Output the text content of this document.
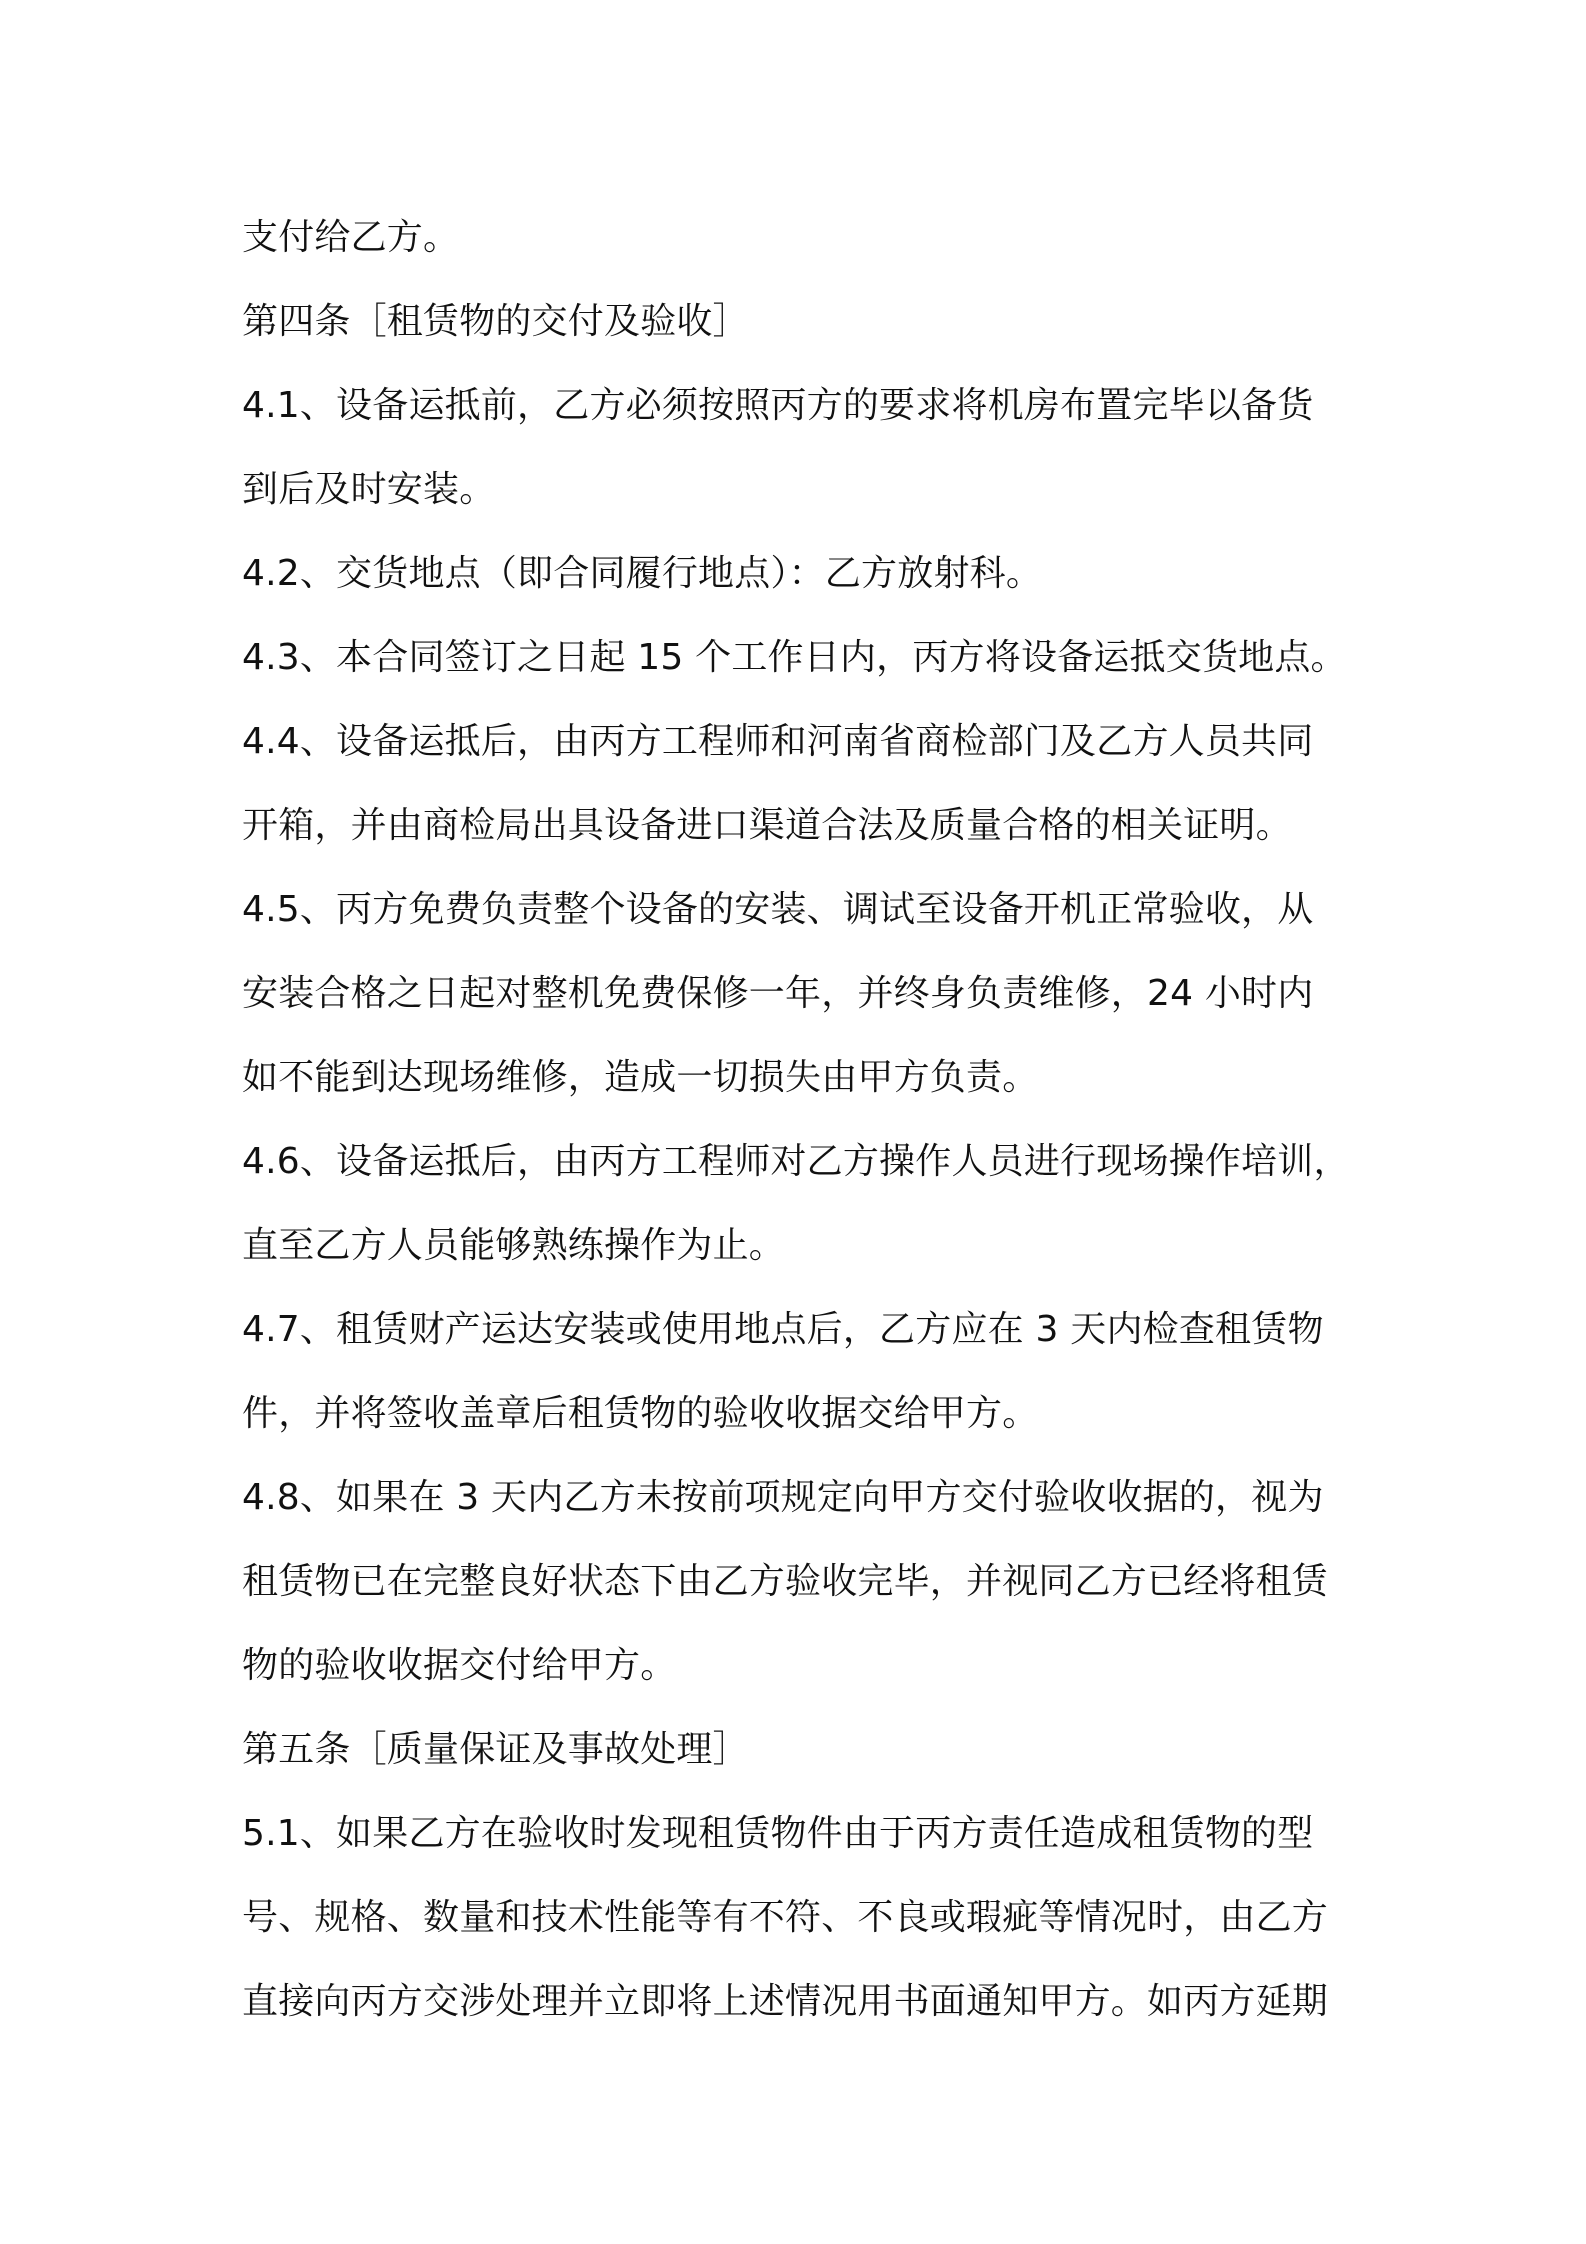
支付给乙方。
第四条［租赁物的交付及验收］
4.1、设备运抵前，乙方必须按照丙方的要求将机房布置完毕以备货
到后及时安装。
4.2、交货地点（即合同履行地点）：乙方放射科。
4.3、本合同签订之日起 15 个工作日内，丙方将设备运抵交货地点。
4.4、设备运抵后，由丙方工程师和河南省商检部门及乙方人员共同
开箱，并由商检局出具设备进口渠道合法及质量合格的相关证明。
4.5、丙方免费负责整个设备的安装、调试至设备开机正常验收，从
安装合格之日起对整机免费保修一年，并终身负责维修，24 小时内
如不能到达现场维修，造成一切损失由甲方负责。
4.6、设备运抵后，由丙方工程师对乙方操作人员进行现场操作培训，
直至乙方人员能够熟练操作为止。
4.7、租赁财产运达安装或使用地点后，乙方应在 3 天内检查租赁物
件，并将签收盖章后租赁物的验收收据交给甲方。
4.8、如果在 3 天内乙方未按前项规定向甲方交付验收收据的，视为
租赁物已在完整良好状态下由乙方验收完毕，并视同乙方已经将租赁
物的验收收据交付给甲方。
第五条［质量保证及事故处理］
5.1、如果乙方在验收时发现租赁物件由于丙方责任造成租赁物的型
号、规格、数量和技术性能等有不符、不良或瑕疵等情况时，由乙方
直接向丙方交涉处理并立即将上述情况用书面通知甲方。如丙方延期
